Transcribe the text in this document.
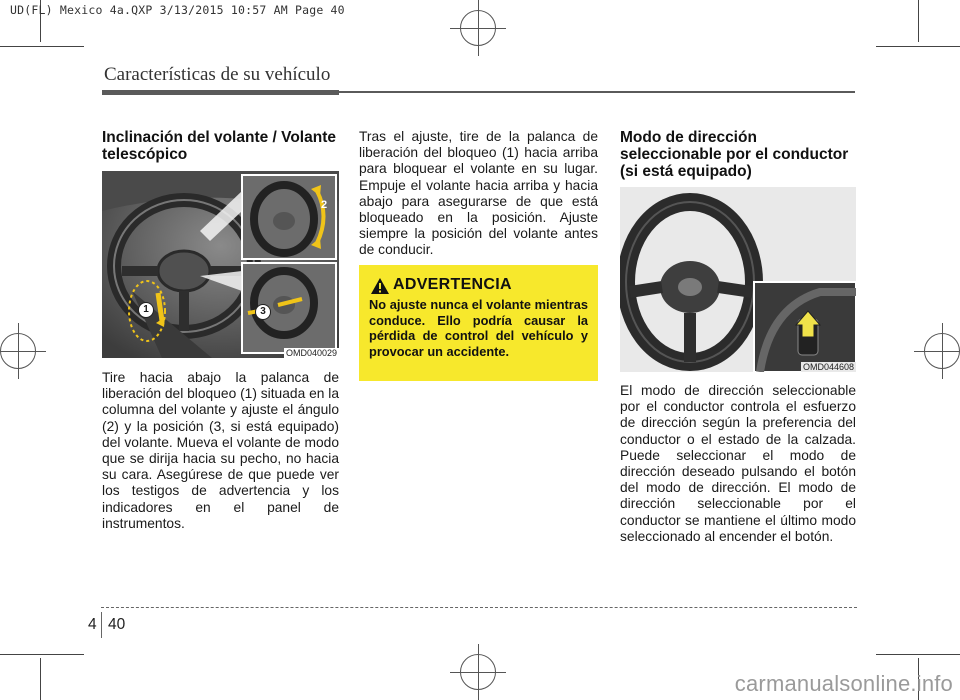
UD(FL) Mexico 4a.QXP 3/13/2015 10:57 AM Page 40
Características de su vehículo
Inclinación del volante / Volante telescópico
1
2
3
OMD040029
Tire hacia abajo la palanca de liberación del bloqueo (1) situada en la columna del volante y ajuste el ángulo (2) y la posición (3, si está equipado) del volante. Mueva el volante de modo que se dirija hacia su pecho, no hacia su cara. Asegúrese de que puede ver los testigos de advertencia y los indicadores en el panel de instrumentos.
Tras el ajuste, tire de la palanca de liberación del bloqueo (1) hacia arriba para bloquear el volante en su lugar. Empuje el volante hacia arriba y hacia abajo para asegurarse de que está bloqueado en la posición. Ajuste siempre la posición del volante antes de conducir.
ADVERTENCIA
No ajuste nunca el volante mientras conduce. Ello podría causar la pérdida de control del vehículo y provocar un accidente.
Modo de dirección seleccionable por el conductor (si está equipado)
OMD044608
El modo de dirección seleccionable por el conductor controla el esfuerzo de dirección según la preferencia del conductor o el estado de la calzada. Puede seleccionar el modo de dirección deseado pulsando el botón del modo de dirección. El modo de dirección seleccionable por el conductor se mantiene el último modo seleccionado al encender el botón.
4 40
carmanualsonline.info
